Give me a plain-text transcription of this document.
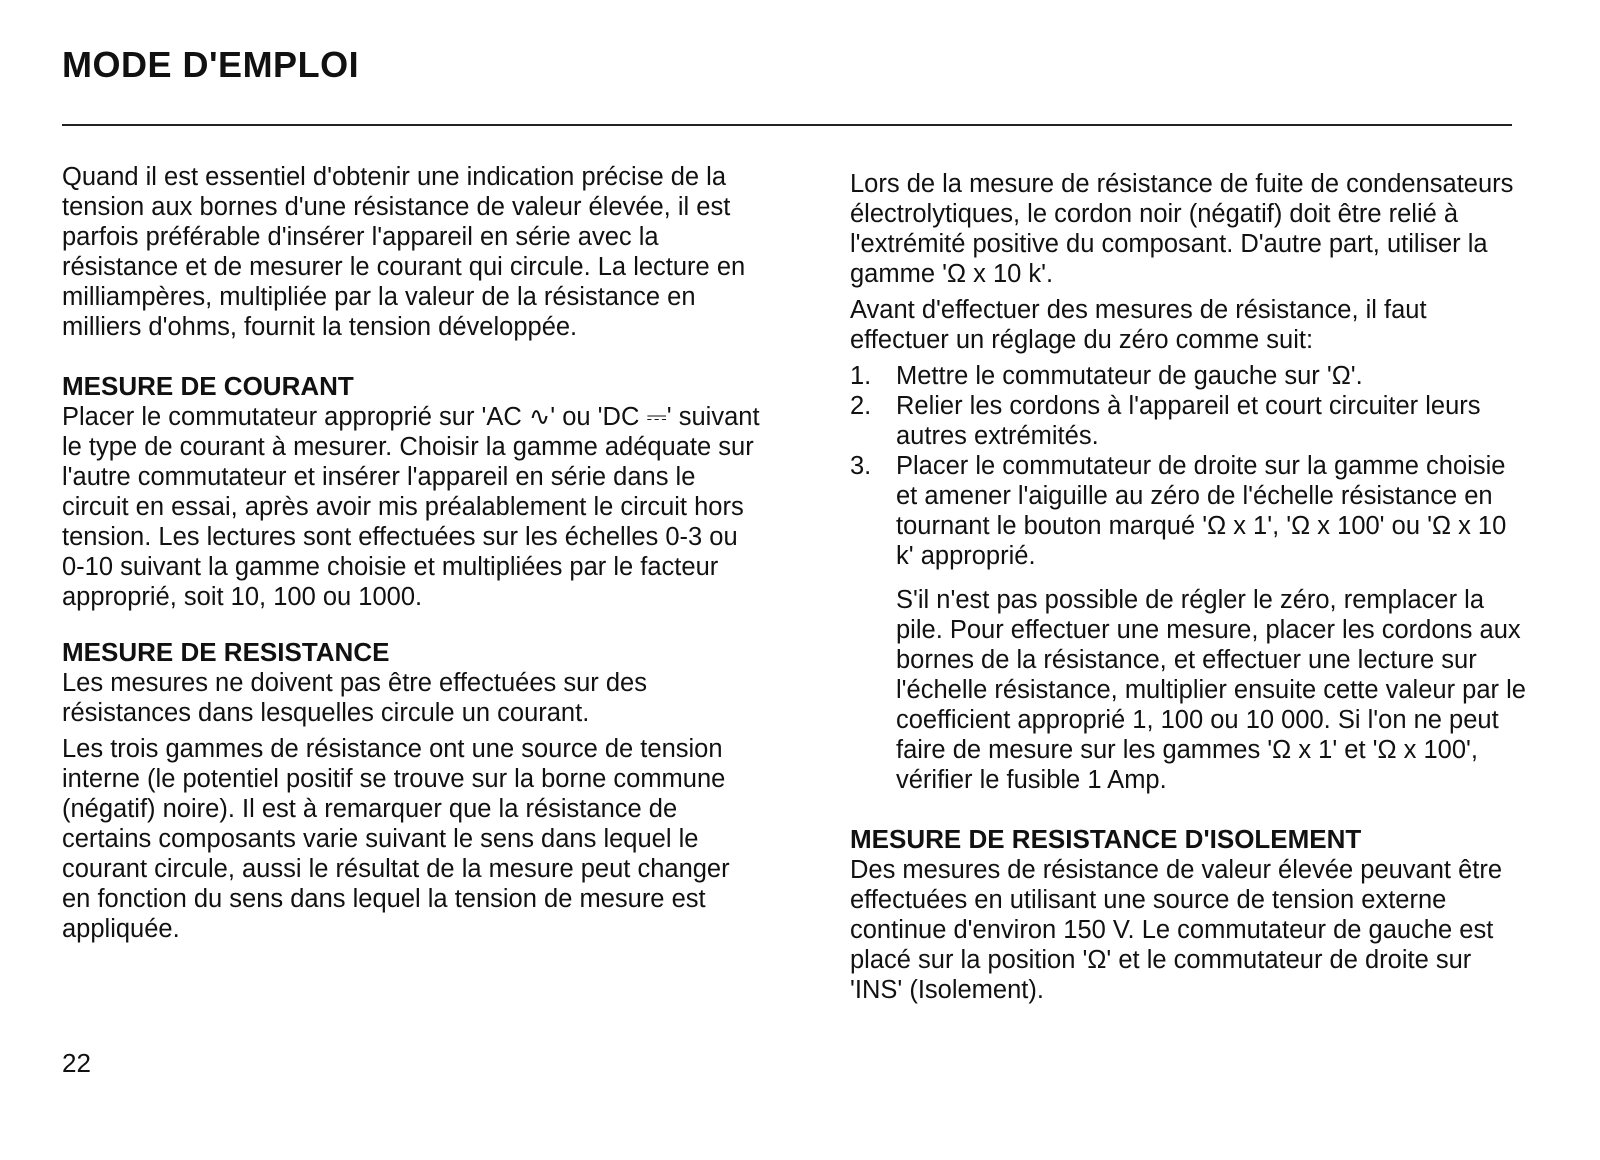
MODE D'EMPLOI

Quand il est essentiel d'obtenir une indication précise de la tension aux bornes d'une résistance de valeur élevée, il est parfois préférable d'insérer l'appareil en série avec la résistance et de mesurer le courant qui circule. La lecture en milliampères, multipliée par la valeur de la résistance en milliers d'ohms, fournit la tension développée.

MESURE DE COURANT

Placer le commutateur approprié sur 'AC ∿' ou 'DC ⎓' suivant le type de courant à mesurer. Choisir la gamme adéquate sur l'autre commutateur et insérer l'appareil en série dans le circuit en essai, après avoir mis préalablement le circuit hors tension. Les lectures sont effectuées sur les échelles 0-3 ou 0-10 suivant la gamme choisie et multipliées par le facteur approprié, soit 10, 100 ou 1000.

MESURE DE RESISTANCE

Les mesures ne doivent pas être effectuées sur des résistances dans lesquelles circule un courant.

Les trois gammes de résistance ont une source de tension interne (le potentiel positif se trouve sur la borne commune (négatif) noire). Il est à remarquer que la résistance de certains composants varie suivant le sens dans lequel le courant circule, aussi le résultat de la mesure peut changer en fonction du sens dans lequel la tension de mesure est appliquée.

Lors de la mesure de résistance de fuite de condensateurs électrolytiques, le cordon noir (négatif) doit être relié à l'extrémité positive du composant. D'autre part, utiliser la gamme 'Ω x 10 k'.

Avant d'effectuer des mesures de résistance, il faut effectuer un réglage du zéro comme suit:

1. Mettre le commutateur de gauche sur 'Ω'.
2. Relier les cordons à l'appareil et court circuiter leurs autres extrémités.
3. Placer le commutateur de droite sur la gamme choisie et amener l'aiguille au zéro de l'échelle résistance en tournant le bouton marqué 'Ω x 1', 'Ω x 100' ou 'Ω x 10 k' approprié.

S'il n'est pas possible de régler le zéro, remplacer la pile. Pour effectuer une mesure, placer les cordons aux bornes de la résistance, et effectuer une lecture sur l'échelle résistance, multiplier ensuite cette valeur par le coefficient approprié 1, 100 ou 10 000. Si l'on ne peut faire de mesure sur les gammes 'Ω x 1' et 'Ω x 100', vérifier le fusible 1 Amp.

MESURE DE RESISTANCE D'ISOLEMENT

Des mesures de résistance de valeur élevée peuvant être effectuées en utilisant une source de tension externe continue d'environ 150 V. Le commutateur de gauche est placé sur la position 'Ω' et le commutateur de droite sur 'INS' (Isolement).

22
